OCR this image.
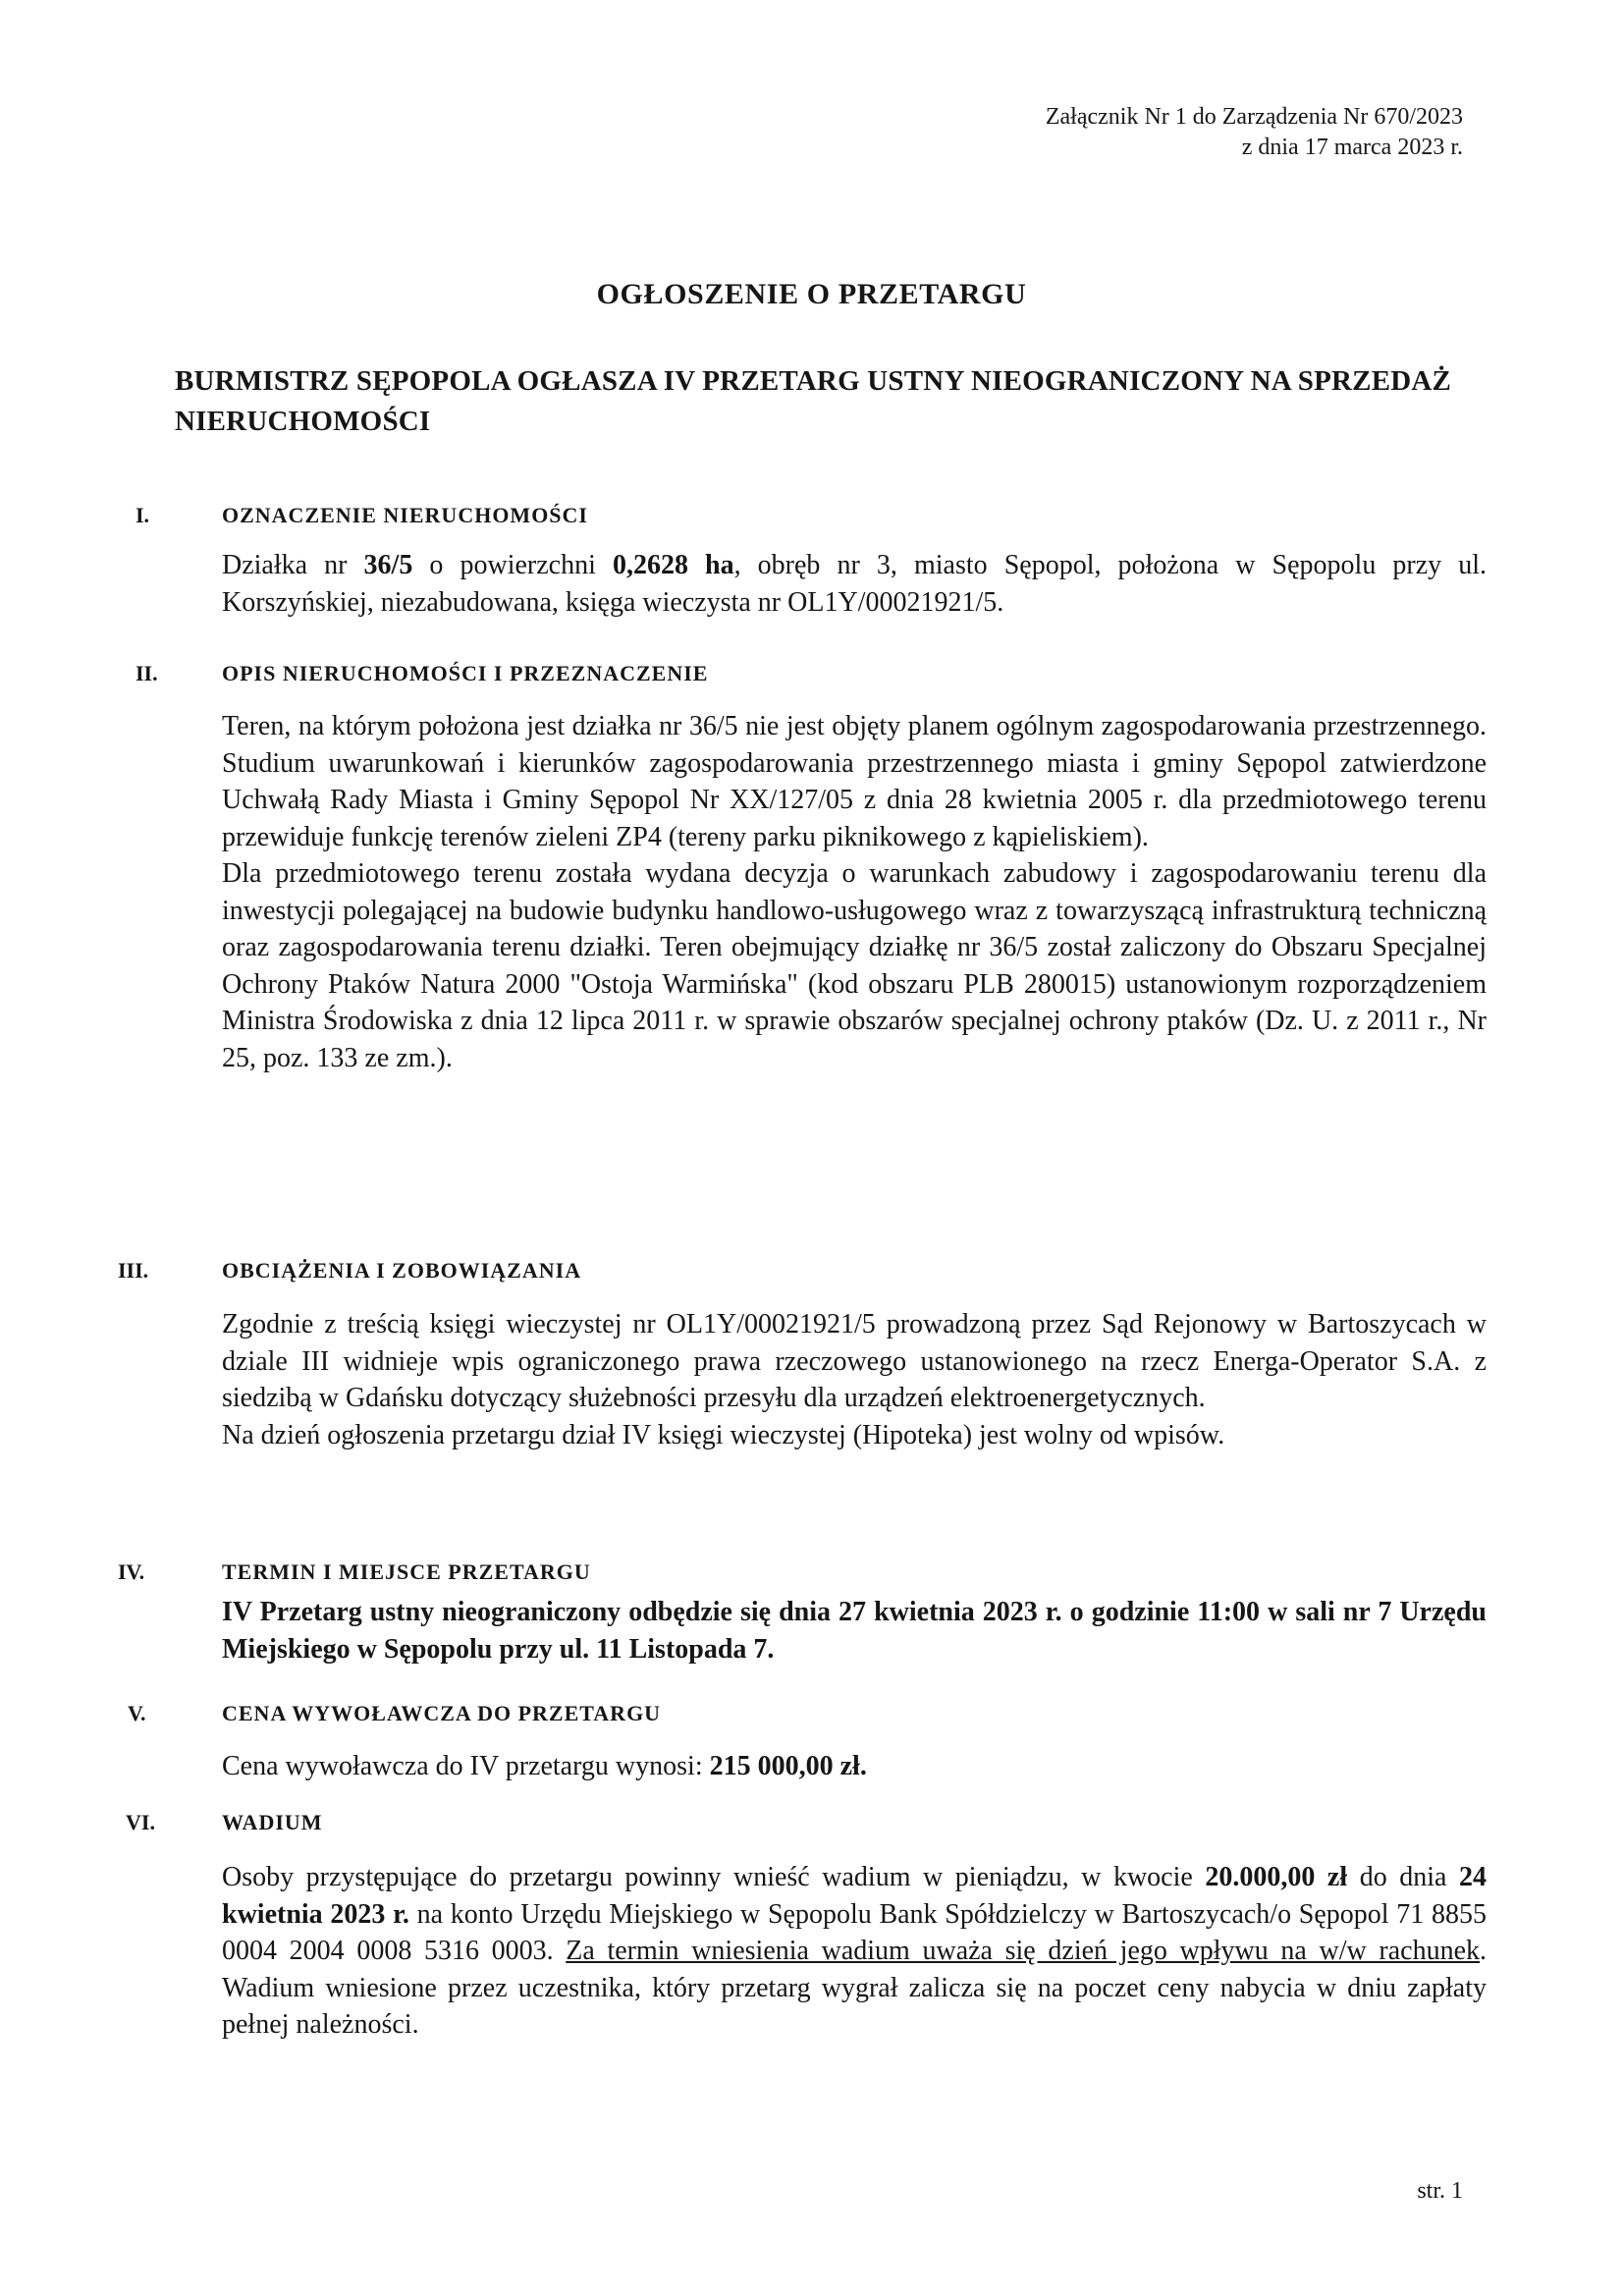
Załącznik Nr 1 do Zarządzenia Nr 670/2023
z dnia 17 marca 2023 r.
OGŁOSZENIE O PRZETARGU
BURMISTRZ SĘPOPOLA OGŁASZA IV PRZETARG USTNY NIEOGRANICZONY NA SPRZEDAŻ NIERUCHOMOŚCI
I.	OZNACZENIE NIERUCHOMOŚCI

Działka nr 36/5 o powierzchni 0,2628 ha, obręb nr 3, miasto Sępopol, położona w Sępopolu przy ul. Korszyńskiej, niezabudowana, księga wieczysta nr OL1Y/00021921/5.

II.	OPIS NIERUCHOMOŚCI I PRZEZNACZENIE

Teren, na którym położona jest działka nr 36/5 nie jest objęty planem ogólnym zagospodarowania przestrzennego. Studium uwarunkowań i kierunków zagospodarowania przestrzennego miasta i gminy Sępopol zatwierdzone Uchwałą Rady Miasta i Gminy Sępopol Nr XX/127/05 z dnia 28 kwietnia 2005 r. dla przedmiotowego terenu przewiduje funkcję terenów zieleni ZP4 (tereny parku piknikowego z kąpieliskiem).

Dla przedmiotowego terenu została wydana decyzja o warunkach zabudowy i zagospodarowaniu terenu dla inwestycji polegającej na budowie budynku handlowo-usługowego wraz z towarzyszącą infrastrukturą techniczną oraz zagospodarowania terenu działki. Teren obejmujący działkę nr 36/5 został zaliczony do Obszaru Specjalnej Ochrony Ptaków Natura 2000 "Ostoja Warmińska" (kod obszaru PLB 280015) ustanowionym rozporządzeniem Ministra Środowiska z dnia 12 lipca 2011 r. w sprawie obszarów specjalnej ochrony ptaków (Dz. U. z 2011 r., Nr 25, poz. 133 ze zm.).

III.	OBCIĄŻENIA I ZOBOWIĄZANIA

Zgodnie z treścią księgi wieczystej nr OL1Y/00021921/5 prowadzoną przez Sąd Rejonowy w Bartoszycach w dziale III widnieje wpis ograniczonego prawa rzeczowego ustanowionego na rzecz Energa-Operator S.A. z siedzibą w Gdańsku dotyczący służebności przesyłu dla urządzeń elektroenergetycznych.

Na dzień ogłoszenia przetargu dział IV księgi wieczystej (Hipoteka) jest wolny od wpisów.

IV.	TERMIN I MIEJSCE PRZETARGU

IV Przetarg ustny nieograniczony odbędzie się dnia 27 kwietnia 2023 r. o godzinie 11:00 w sali nr 7 Urzędu Miejskiego w Sępopolu przy ul. 11 Listopada 7.

V.	CENA WYWOŁAWCZA DO PRZETARGU

Cena wywoławcza do IV przetargu wynosi: 215 000,00 zł.

VI.	WADIUM

Osoby przystępujące do przetargu powinny wnieść wadium w pieniądzu, w kwocie 20.000,00 zł do dnia 24 kwietnia 2023 r. na konto Urzędu Miejskiego w Sępopolu Bank Spółdzielczy w Bartoszycach/o Sępopol 71 8855 0004 2004 0008 5316 0003. Za termin wniesienia wadium uważa się dzień jego wpływu na w/w rachunek. Wadium wniesione przez uczestnika, który przetarg wygrał zalicza się na poczet ceny nabycia w dniu zapłaty pełnej należności.

str. 1
